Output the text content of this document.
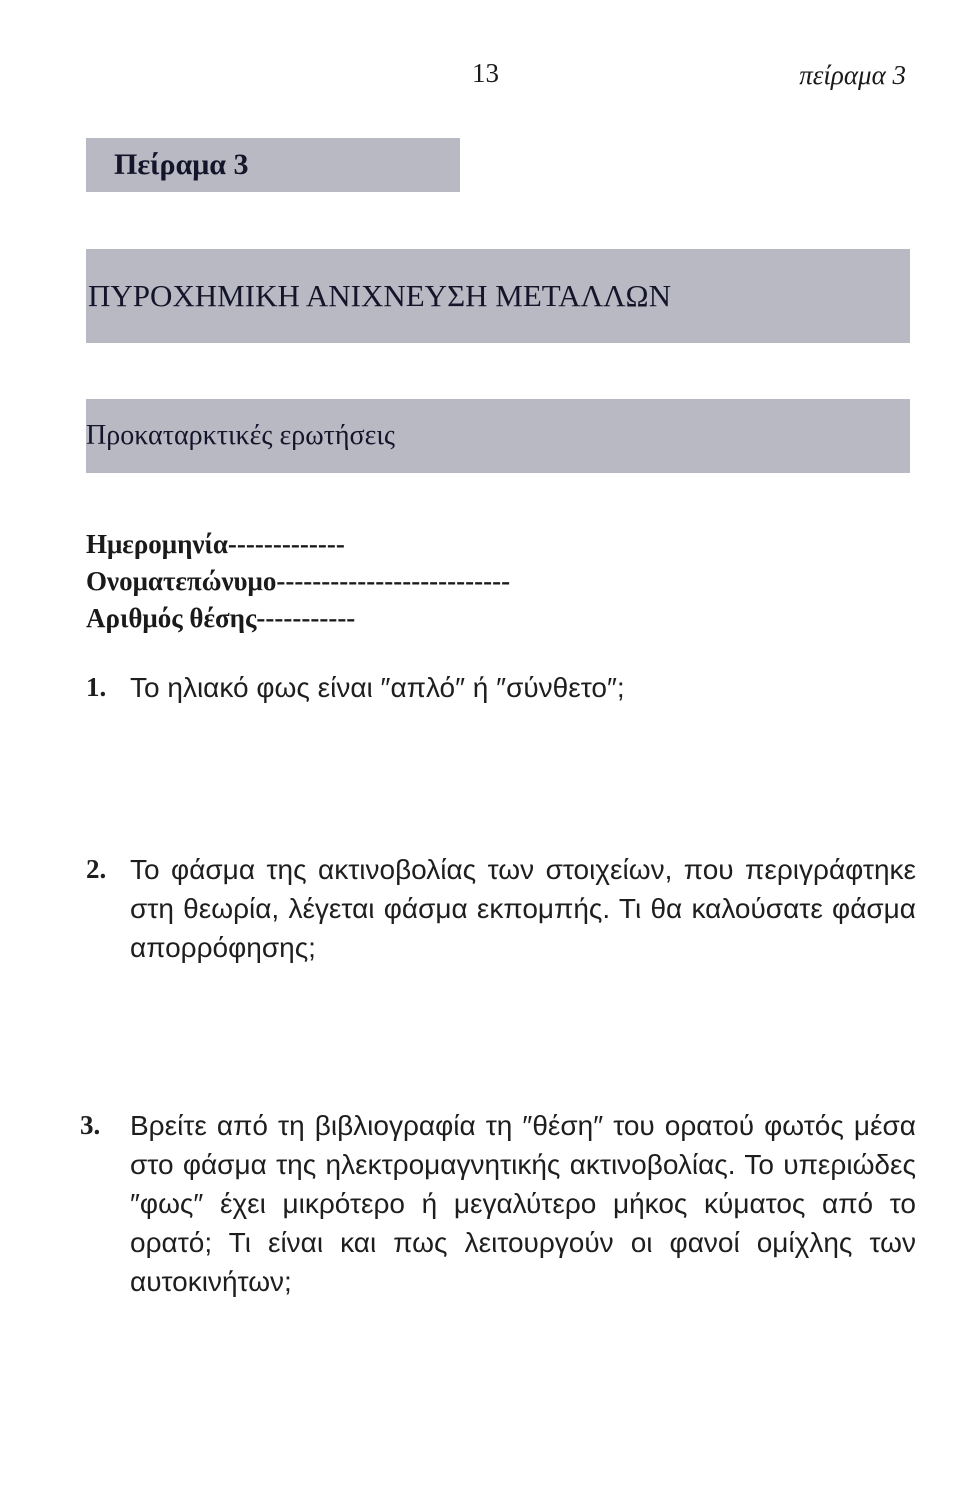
13	πείραμα 3
Πείραμα 3
ΠΥΡΟΧΗΜΙΚΗ ΑΝΙΧΝΕΥΣΗ ΜΕΤΑΛΛΩΝ
Προκαταρκτικές ερωτήσεις
Ημερομηνία-------------
Ονοματεπώνυμο--------------------------
Αριθμός θέσης-----------
1. Το ηλιακό φως είναι ″απλό″ ή ″σύνθετο″;
2. Το φάσμα της ακτινοβολίας των στοιχείων, που περιγράφτηκε στη θεωρία, λέγεται φάσμα εκπομπής. Τι θα καλούσατε φάσμα απορρόφησης;
3. Βρείτε από τη βιβλιογραφία τη ″θέση″ του ορατού φωτός μέσα στο φάσμα της ηλεκτρομαγνητικής ακτινοβολίας. Το υπεριώδες ″φως″ έχει μικρότερο ή μεγαλύτερο μήκος κύματος από το ορατό; Τι είναι και πως λειτουργούν οι φανοί ομίχλης των αυτοκινήτων;
